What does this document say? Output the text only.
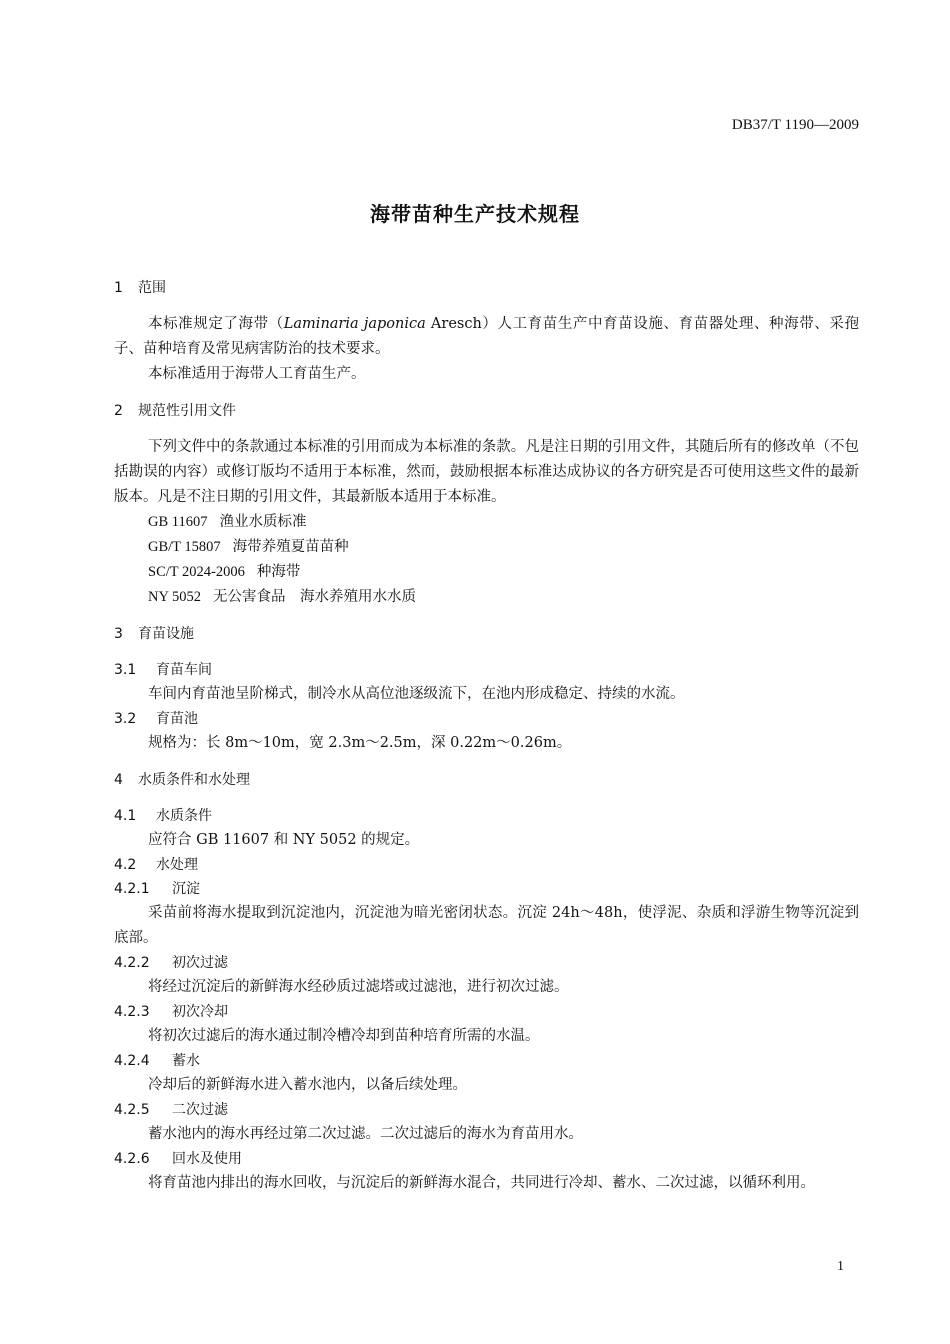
DB37/T 1190—2009
海带苗种生产技术规程
1 范围
本标准规定了海带（Laminaria japonica Aresch）人工育苗生产中育苗设施、育苗器处理、种海带、采孢子、苗种培育及常见病害防治的技术要求。
本标准适用于海带人工育苗生产。
2 规范性引用文件
下列文件中的条款通过本标准的引用而成为本标准的条款。凡是注日期的引用文件，其随后所有的修改单（不包括勘误的内容）或修订版均不适用于本标准，然而，鼓励根据本标准达成协议的各方研究是否可使用这些文件的最新版本。凡是不注日期的引用文件，其最新版本适用于本标准。
GB 11607 渔业水质标准
GB/T 15807 海带养殖夏苗苗种
SC/T 2024-2006 种海带
NY 5052 无公害食品　海水养殖用水水质
3 育苗设施
3.1 育苗车间
车间内育苗池呈阶梯式，制冷水从高位池逐级流下，在池内形成稳定、持续的水流。
3.2 育苗池
规格为：长 8m～10m，宽 2.3m～2.5m，深 0.22m～0.26m。
4 水质条件和水处理
4.1 水质条件
应符合 GB 11607 和 NY 5052 的规定。
4.2 水处理
4.2.1 沉淀
采苗前将海水提取到沉淀池内，沉淀池为暗光密闭状态。沉淀 24h～48h，使浮泥、杂质和浮游生物等沉淀到底部。
4.2.2 初次过滤
将经过沉淀后的新鲜海水经砂质过滤塔或过滤池，进行初次过滤。
4.2.3 初次冷却
将初次过滤后的海水通过制冷槽冷却到苗种培育所需的水温。
4.2.4 蓄水
冷却后的新鲜海水进入蓄水池内，以备后续处理。
4.2.5 二次过滤
蓄水池内的海水再经过第二次过滤。二次过滤后的海水为育苗用水。
4.2.6 回水及使用
将育苗池内排出的海水回收，与沉淀后的新鲜海水混合，共同进行冷却、蓄水、二次过滤，以循环利用。
1
